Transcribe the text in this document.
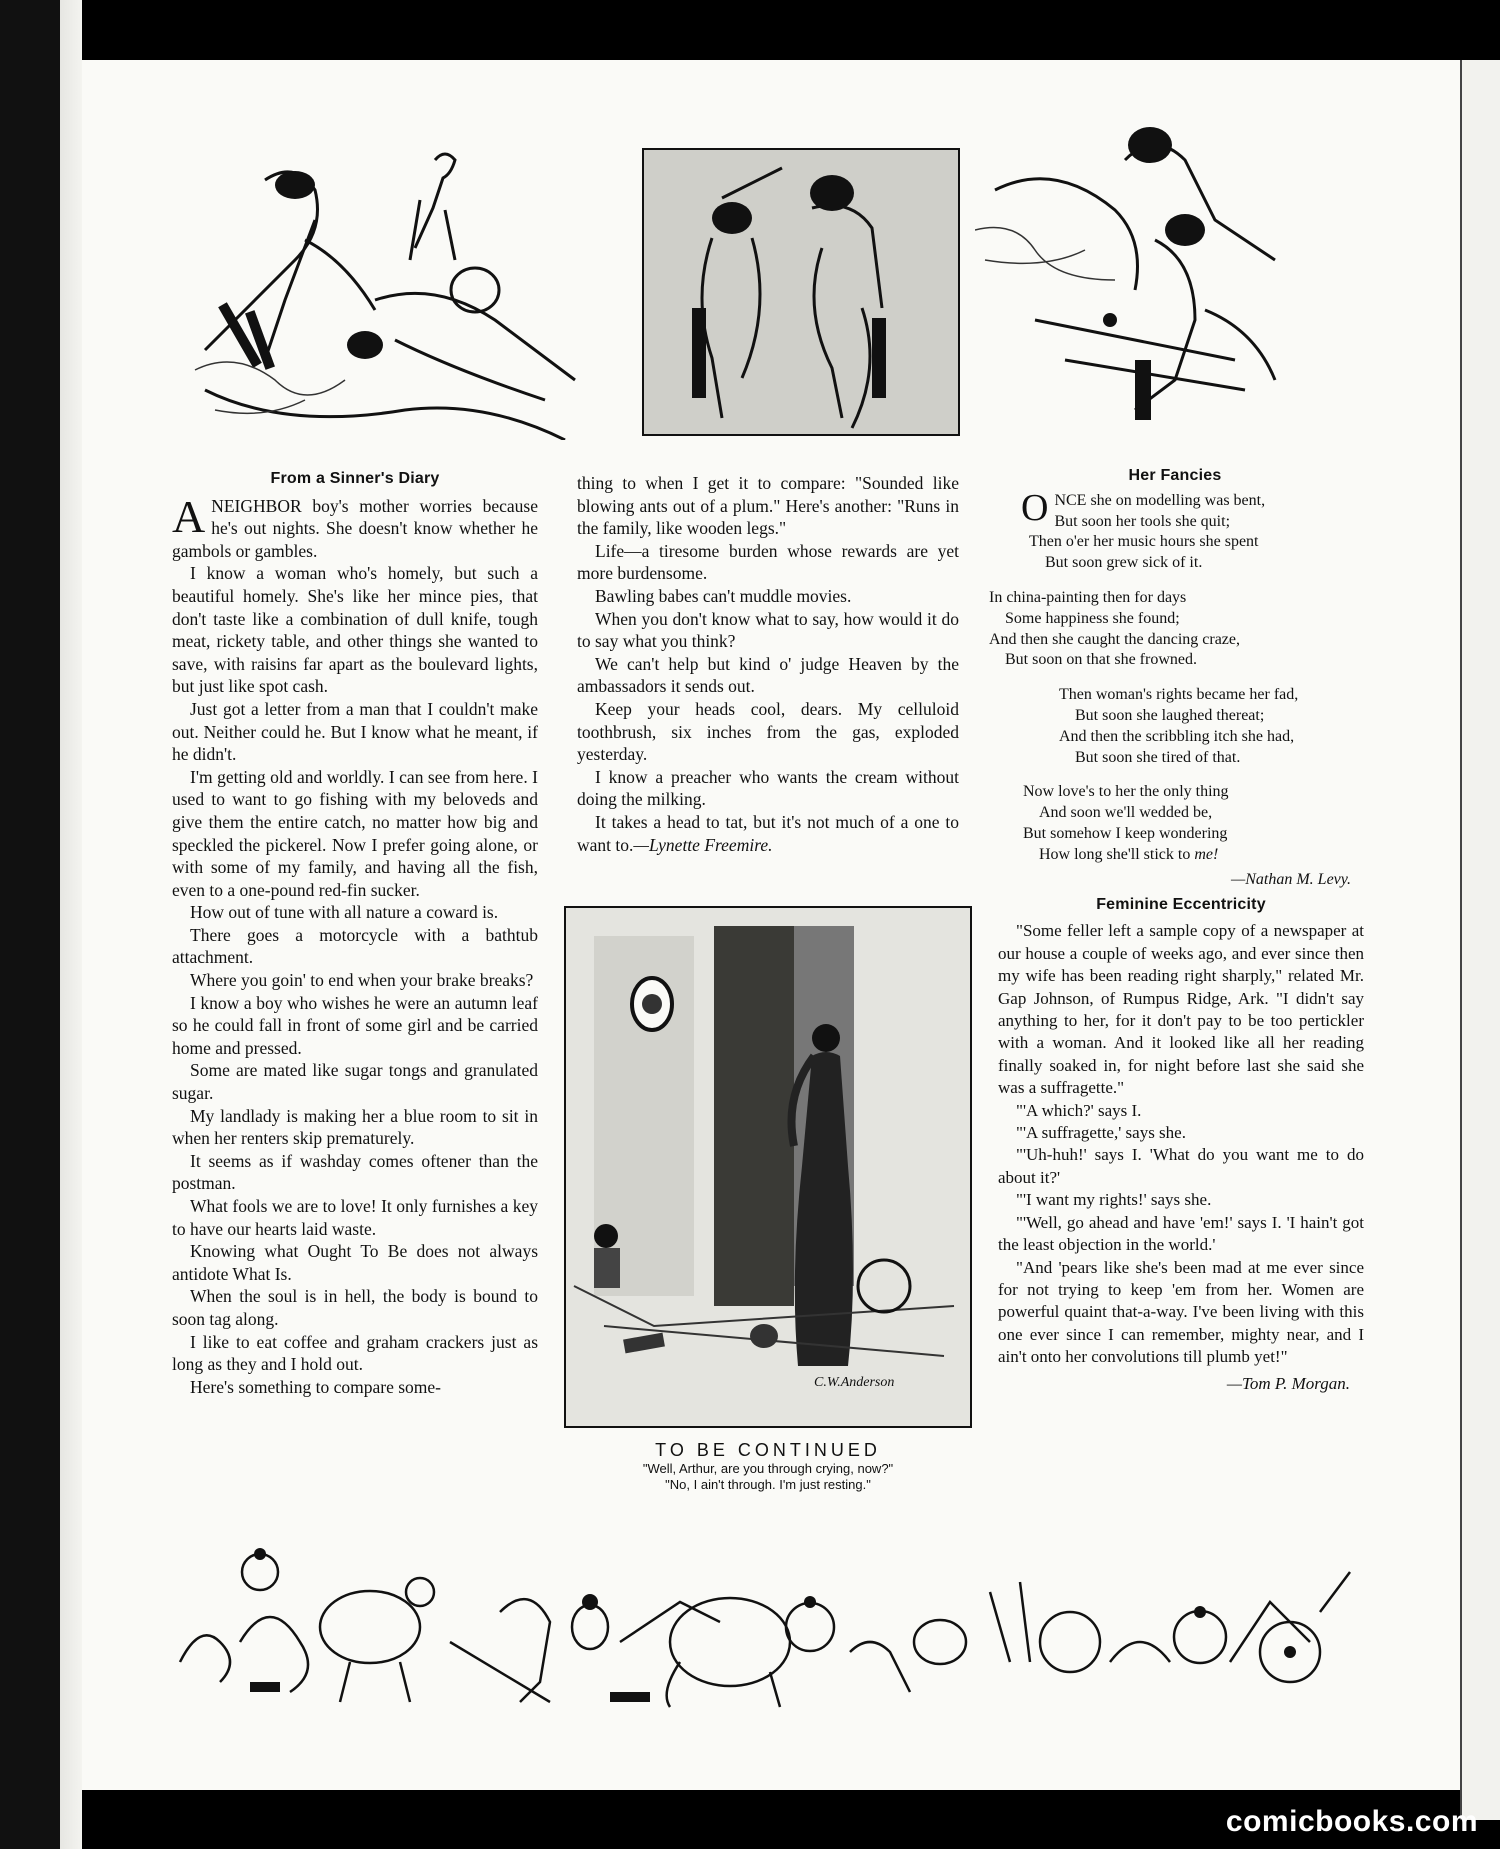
From a Sinner's Diary

ANEIGHBOR boy's mother worries because he's out nights. She doesn't know whether he gambols or gambles.

I know a woman who's homely, but such a beautiful homely. She's like her mince pies, that don't taste like a combination of dull knife, tough meat, rickety table, and other things she wanted to save, with raisins far apart as the boulevard lights, but just like spot cash.

Just got a letter from a man that I couldn't make out. Neither could he. But I know what he meant, if he didn't.

I'm getting old and worldly. I can see from here. I used to want to go fishing with my beloveds and give them the entire catch, no matter how big and speckled the pickerel. Now I prefer going alone, or with some of my family, and having all the fish, even to a one-pound red-fin sucker.

How out of tune with all nature a coward is.

There goes a motorcycle with a bathtub attachment.

Where you goin' to end when your brake breaks?

I know a boy who wishes he were an autumn leaf so he could fall in front of some girl and be carried home and pressed.

Some are mated like sugar tongs and granulated sugar.

My landlady is making her a blue room to sit in when her renters skip prematurely.

It seems as if washday comes oftener than the postman.

What fools we are to love! It only furnishes a key to have our hearts laid waste.

Knowing what Ought To Be does not always antidote What Is.

When the soul is in hell, the body is bound to soon tag along.

I like to eat coffee and graham crackers just as long as they and I hold out.

Here's something to compare some-

thing to when I get it to compare: "Sounded like blowing ants out of a plum." Here's another: "Runs in the family, like wooden legs."

Life—a tiresome burden whose rewards are yet more burdensome.

Bawling babes can't muddle movies.

When you don't know what to say, how would it do to say what you think?

We can't help but kind o' judge Heaven by the ambassadors it sends out.

Keep your heads cool, dears. My celluloid toothbrush, six inches from the gas, exploded yesterday.

I know a preacher who wants the cream without doing the milking.

It takes a head to tat, but it's not much of a one to want to.—Lynette Freemire.

C.W.Anderson
TO BE CONTINUED
"Well, Arthur, are you through crying, now?"
"No, I ain't through. I'm just resting."
Her Fancies

ONCE she on modelling was bent,

But soon her tools she quit;

Then o'er her music hours she spent

But soon grew sick of it.

In china-painting then for days

Some happiness she found;

And then she caught the dancing craze,

But soon on that she frowned.

Then woman's rights became her fad,

But soon she laughed thereat;

And then the scribbling itch she had,

But soon she tired of that.

Now love's to her the only thing

And soon we'll wedded be,

But somehow I keep wondering

How long she'll stick to me!

—Nathan M. Levy.
Feminine Eccentricity

"Some feller left a sample copy of a newspaper at our house a couple of weeks ago, and ever since then my wife has been reading right sharply," related Mr. Gap Johnson, of Rumpus Ridge, Ark. "I didn't say anything to her, for it don't pay to be too pertickler with a woman. And it looked like all her reading finally soaked in, for night before last she said she was a suffragette."

"'A which?' says I.

"'A suffragette,' says she.

"'Uh-huh!' says I. 'What do you want me to do about it?'

"'I want my rights!' says she.

"'Well, go ahead and have 'em!' says I. 'I hain't got the least objection in the world.'

"And 'pears like she's been mad at me ever since for not trying to keep 'em from her. Women are powerful quaint that-a-way. I've been living with this one ever since I can remember, mighty near, and I ain't onto her convolutions till plumb yet!"

—Tom P. Morgan.
comicbooks.com
